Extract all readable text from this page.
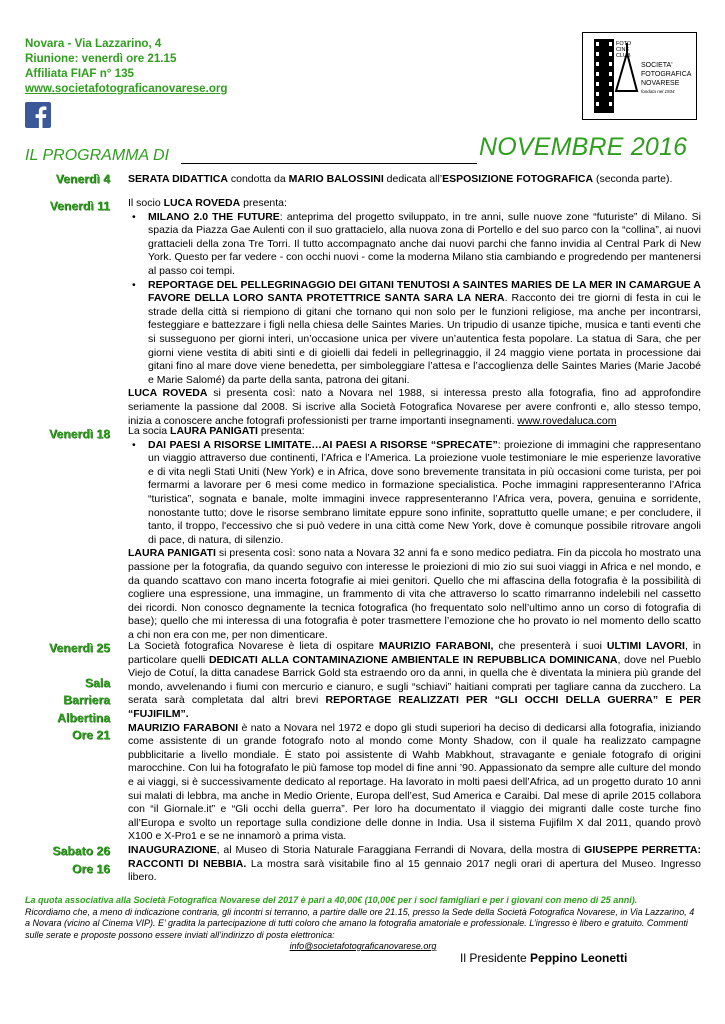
Novara - Via Lazzarino, 4
Riunione: venerdì ore 21.15
Affiliata FIAF n° 135
www.societafotograficanovarese.org
FOTO
CINE
CLUB
SOCIETA'
FOTOGRAFICA
NOVARESE
fondata nel 1934
IL PROGRAMMA DI	NOVEMBRE 2016
Venerdì 4 SERATA DIDATTICA condotta da MARIO BALOSSINI dedicata all’ESPOSIZIONE FOTOGRAFICA (seconda parte).

Venerdì 11 Il socio LUCA ROVEDA presenta:

• MILANO 2.0 THE FUTURE: anteprima del progetto sviluppato, in tre anni, sulle nuove zone “futuriste” di Milano. Si spazia da Piazza Gae Aulenti con il suo grattacielo, alla nuova zona di Portello e del suo parco con la “collina”, ai nuovi grattacieli della zona Tre Torri. Il tutto accompagnato anche dai nuovi parchi che fanno invidia al Central Park di New York. Questo per far vedere - con occhi nuovi - come la moderna Milano stia cambiando e progredendo per mantenersi al passo coi tempi.
• REPORTAGE DEL PELLEGRINAGGIO DEI GITANI TENUTOSI A SAINTES MARIES DE LA MER IN CAMARGUE A FAVORE DELLA LORO SANTA PROTETTRICE SANTA SARA LA NERA. Racconto dei tre giorni di festa in cui le strade della città si riempiono di gitani che tornano qui non solo per le funzioni religiose, ma anche per incontrarsi, festeggiare e battezzare i figli nella chiesa delle Saintes Maries. Un tripudio di usanze tipiche, musica e tanti eventi che si susseguono per giorni interi, un’occasione unica per vivere un’autentica festa popolare. La statua di Sara, che per giorni viene vestita di abiti sinti e di gioielli dai fedeli in pellegrinaggio, il 24 maggio viene portata in processione dai gitani fino al mare dove viene benedetta, per simboleggiare l’attesa e l’accoglienza delle Saintes Maries (Marie Jacobé e Marie Salomé) da parte della santa, patrona dei gitani.

LUCA ROVEDA si presenta così: nato a Novara nel 1988, si interessa presto alla fotografia, fino ad approfondire seriamente la passione dal 2008. Si iscrive alla Società Fotografica Novarese per avere confronti e, allo stesso tempo, inizia a conoscere anche fotografi professionisti per trarne importanti insegnamenti. www.rovedaluca.com

Venerdì 18 La socia LAURA PANIGATI presenta:

• DAI PAESI A RISORSE LIMITATE…AI PAESI A RISORSE “SPRECATE”: proiezione di immagini che rappresentano un viaggio attraverso due continenti, l’Africa e l’America. La proiezione vuole testimoniare le mie esperienze lavorative e di vita negli Stati Uniti (New York) e in Africa, dove sono brevemente transitata in più occasioni come turista, per poi fermarmi a lavorare per 6 mesi come medico in formazione specialistica. Poche immagini rappresenteranno l’Africa “turistica”, sognata e banale, molte immagini invece rappresenteranno l’Africa vera, povera, genuina e sorridente, nonostante tutto; dove le risorse sembrano limitate eppure sono infinite, soprattutto quelle umane; e per concludere, il tanto, il troppo, l'eccessivo che si può vedere in una città come New York, dove è comunque possibile ritrovare angoli di pace, di natura, di silenzio.

LAURA PANIGATI si presenta così: sono nata a Novara 32 anni fa e sono medico pediatra. Fin da piccola ho mostrato una passione per la fotografia, da quando seguivo con interesse le proiezioni di mio zio sui suoi viaggi in Africa e nel mondo, e da quando scattavo con mano incerta fotografie ai miei genitori. Quello che mi affascina della fotografia è la possibilità di cogliere una espressione, una immagine, un frammento di vita che attraverso lo scatto rimarranno indelebili nel cassetto dei ricordi. Non conosco degnamente la tecnica fotografica (ho frequentato solo nell’ultimo anno un corso di fotografia di base); quello che mi interessa di una fotografia è poter trasmettere l’emozione che ho provato io nel momento dello scatto a chi non era con me, per non dimenticare.

Venerdì 25
Sala
Barriera
Albertina
Ore 21

La Società fotografica Novarese è lieta di ospitare MAURIZIO FARABONI, che presenterà i suoi ULTIMI LAVORI, in particolare quelli DEDICATI ALLA CONTAMINAZIONE AMBIENTALE IN REPUBBLICA DOMINICANA, dove nel Pueblo Viejo de Cotuí, la ditta canadese Barrick Gold sta estraendo oro da anni, in quella che è diventata la miniera più grande del mondo, avvelenando i fiumi con mercurio e cianuro, e sugli “schiavi” haitiani comprati per tagliare canna da zucchero. La serata sarà completata dal altri brevi REPORTAGE REALIZZATI PER “GLI OCCHI DELLA GUERRA” E PER “FUJIFILM”.

MAURIZIO FARABONI è nato a Novara nel 1972 e dopo gli studi superiori ha deciso di dedicarsi alla fotografia, iniziando come assistente di un grande fotografo noto al mondo come Monty Shadow, con il quale ha realizzato campagne pubblicitarie a livello mondiale. È stato poi assistente di Wahb Mabkhout, stravagante e geniale fotografo di origini marocchine. Con lui ha fotografato le più famose top model di fine anni ’90. Appassionato da sempre alle culture del mondo e ai viaggi, si è successivamente dedicato al reportage. Ha lavorato in molti paesi dell’Africa, ad un progetto durato 10 anni sui malati di lebbra, ma anche in Medio Oriente, Europa dell’est, Sud America e Caraibi. Dal mese di aprile 2015 collabora con “il Giornale.it” e “Gli occhi della guerra”. Per loro ha documentato il viaggio dei migranti dalle coste turche fino all’Europa e svolto un reportage sulla condizione delle donne in India. Usa il sistema Fujifilm X dal 2011, quando provò X100 e X-Pro1 e se ne innamorò a prima vista.

Sabato 26
Ore 16

INAUGURAZIONE, al Museo di Storia Naturale Faraggiana Ferrandi di Novara, della mostra di GIUSEPPE PERRETTA: RACCONTI DI NEBBIA. La mostra sarà visitabile fino al 15 gennaio 2017 negli orari di apertura del Museo. Ingresso libero.

La quota associativa alla Società Fotografica Novarese del 2017 è pari a 40,00€ (10,00€ per i soci famigliari e per i giovani con meno di 25 anni).
Ricordiamo che, a meno di indicazione contraria, gli incontri si terranno, a partire dalle ore 21.15, presso la Sede della Società Fotografica Novarese, in Via Lazzarino, 4 a Novara (vicino al Cinema VIP). E’ gradita la partecipazione di tutti coloro che amano la fotografia amatoriale e professionale. L’ingresso è libero e gratuito. Commenti sulle serate e proposte possono essere inviati all’indirizzo di posta elettronica:
info@societafotograficanovarese.org
Il Presidente Peppino Leonetti
